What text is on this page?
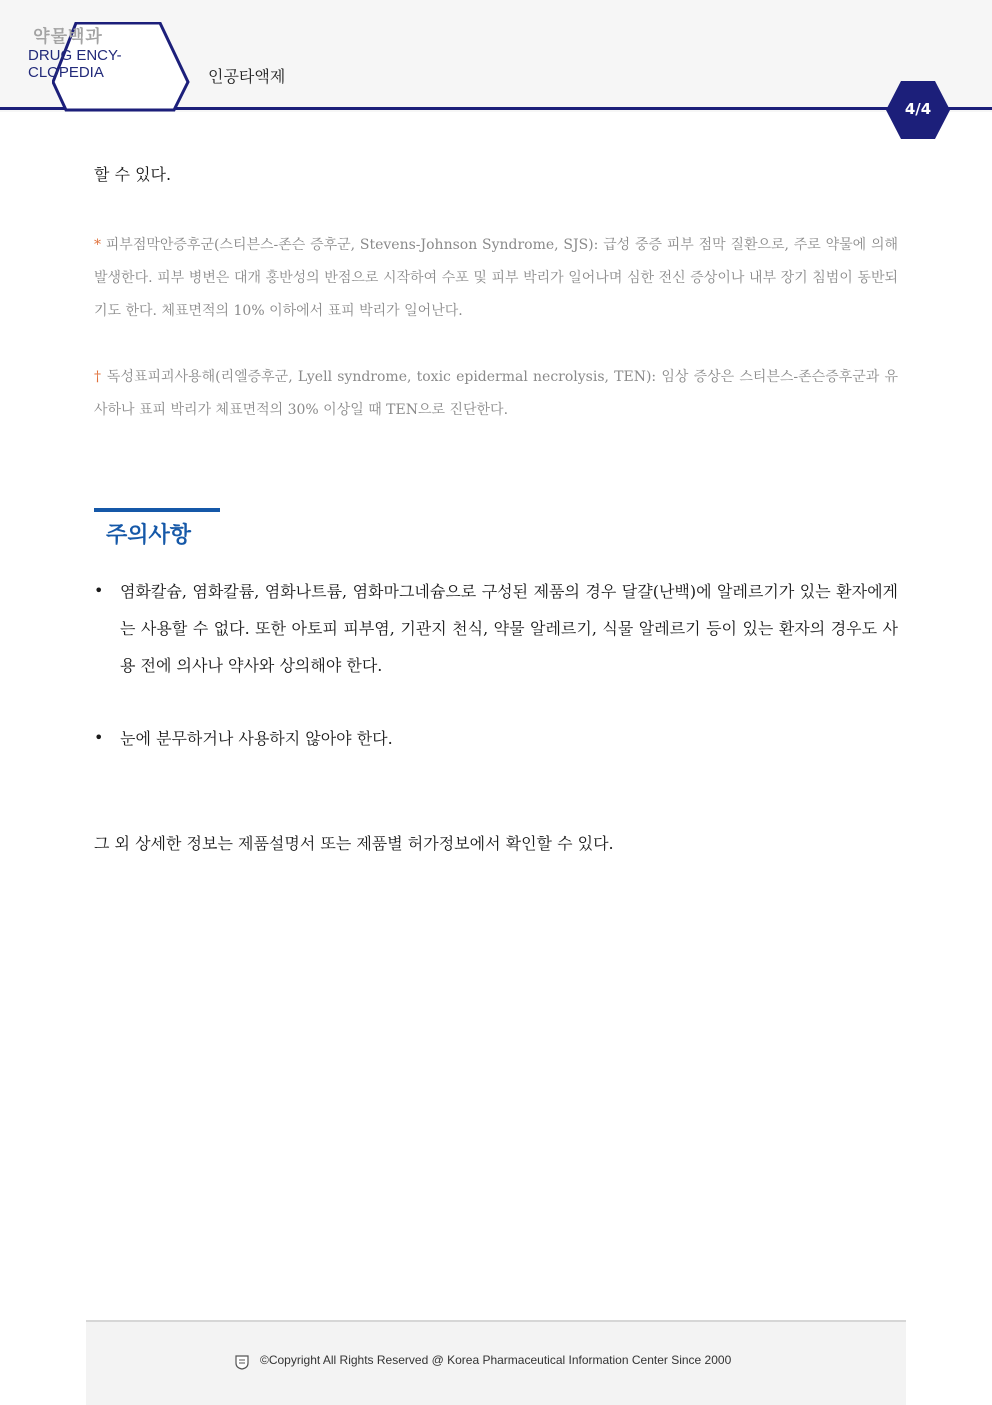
약물백과
DRUG ENCY-
CLOPEDIA	인공타액제
4/4
할 수 있다.
* 피부점막안증후군(스티븐스-존슨 증후군, Stevens-Johnson Syndrome, SJS): 급성 중증 피부 점막 질환으로, 주로 약물에 의해 발생한다. 피부 병변은 대개 홍반성의 반점으로 시작하여 수포 및 피부 박리가 일어나며 심한 전신 증상이나 내부 장기 침범이 동반되기도 한다. 체표면적의 10% 이하에서 표피 박리가 일어난다.
† 독성표피괴사용해(리엘증후군, Lyell syndrome, toxic epidermal necrolysis, TEN): 임상 증상은 스티븐스-존슨증후군과 유사하나 표피 박리가 체표면적의 30% 이상일 때 TEN으로 진단한다.
주의사항
• 염화칼슘, 염화칼륨, 염화나트륨, 염화마그네슘으로 구성된 제품의 경우 달걀(난백)에 알레르기가 있는 환자에게는 사용할 수 없다. 또한 아토피 피부염, 기관지 천식, 약물 알레르기, 식물 알레르기 등이 있는 환자의 경우도 사용 전에 의사나 약사와 상의해야 한다.
• 눈에 분무하거나 사용하지 않아야 한다.
그 외 상세한 정보는 제품설명서 또는 제품별 허가정보에서 확인할 수 있다.
©Copyright All Rights Reserved @ Korea Pharmaceutical Information Center Since 2000
